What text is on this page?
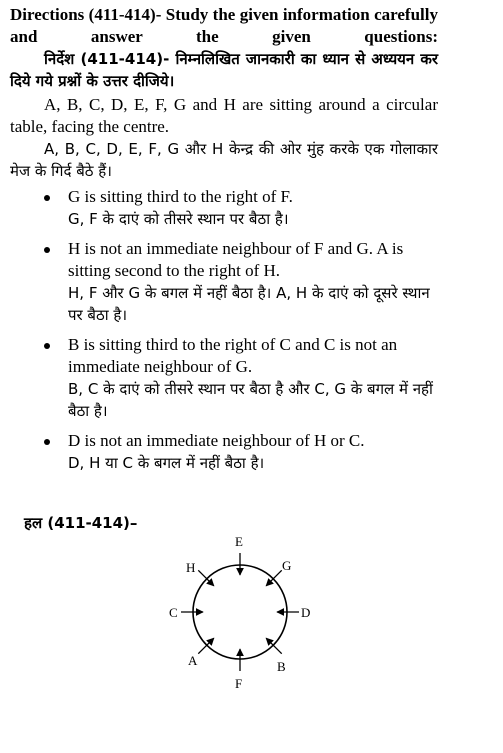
Directions (411-414)- Study the given information carefully and answer the given questions:

निर्देश (411-414)- निम्नलिखित जानकारी का ध्यान से अध्ययन कर दिये गये प्रश्नों के उत्तर दीजिये।

A, B, C, D, E, F, G and H are sitting around a circular table, facing the centre.

A, B, C, D, E, F, G और H केन्द्र की ओर मुंह करके एक गोलाकार मेज के गिर्द बैठे हैं।

G is sitting third to the right of F.

G, F के दाएं को तीसरे स्थान पर बैठा है।

H is not an immediate neighbour of F and G. A is sitting second to the right of H.

H, F और G के बगल में नहीं बैठा है। A, H के दाएं को दूसरे स्थान पर बैठा है।

B is sitting third to the right of C and C is not an immediate neighbour of G.

B, C के दाएं को तीसरे स्थान पर बैठा है और C, G के बगल में नहीं बैठा है।

D is not an immediate neighbour of H or C.

D, H या C के बगल में नहीं बैठा है।

हल (411-414)–
E
G
D
B
F
A
C
H
